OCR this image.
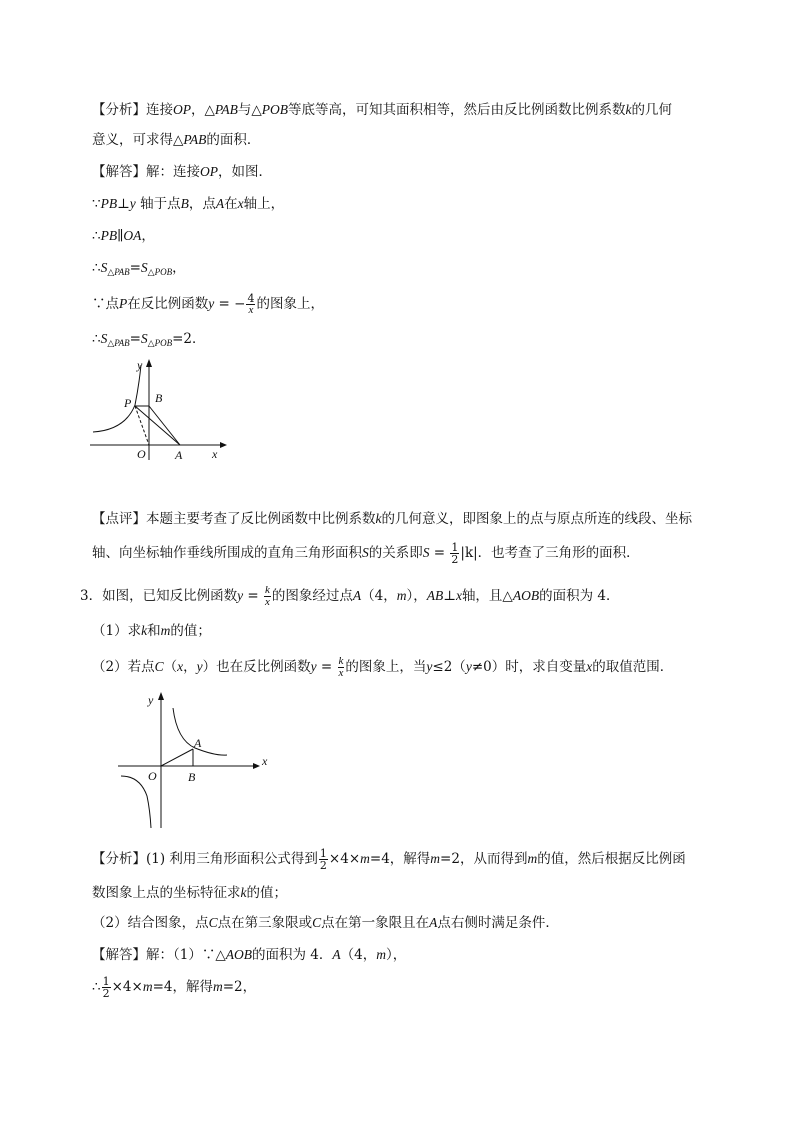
【分析】连接OP，△PAB与△POB等底等高，可知其面积相等，然后由反比例函数比例系数k的几何
意义，可求得△PAB的面积．
【解答】解：连接OP，如图．
∵PB⊥y 轴于点B，点A在x轴上，
∴PB∥OA，
$\therefore S_{\triangle PAB}=S_{\triangle POB}$，
∵点P在反比例函数y = − $\frac{4}{x}$ 的图象上，
$\therefore S_{\triangle PAB}=S_{\triangle POB}=2$．
y
P B
O A x
【点评】本题主要考查了反比例函数中比例系数k的几何意义，即图象上的点与原点所连的线段、坐标
轴、向坐标轴作垂线所围成的直角三角形面积S的关系即$S = \frac{1}{2} |k|$．也考查了三角形的面积．
3．如图，已知反比例函数$y = \frac{k}{x}$ 的图象经过点A（4，m），AB⊥x轴，且△AOB的面积为 4．
（1）求k和m的值；
（2）若点C（x，y）也在反比例函数$y = \frac{k}{x}$ 的图象上，当y≤2（y≠0）时，求自变量x的取值范围．
y
A
O	B
x
【分析】(1) 利用三角形面积公式得到 $\frac{1}{2} \times 4\times m=4$，解得m=2，从而得到m的值，然后根据反比例函
数图象上点的坐标特征求k的值；
（2）结合图象，点C点在第三象限或C点在第一象限且在A点右侧时满足条件．
【解答】解：（1）∵△AOB的面积为 4．A（4，m），
∴ $\frac{1}{2} \times 4\times m=4$，解得m=2，
